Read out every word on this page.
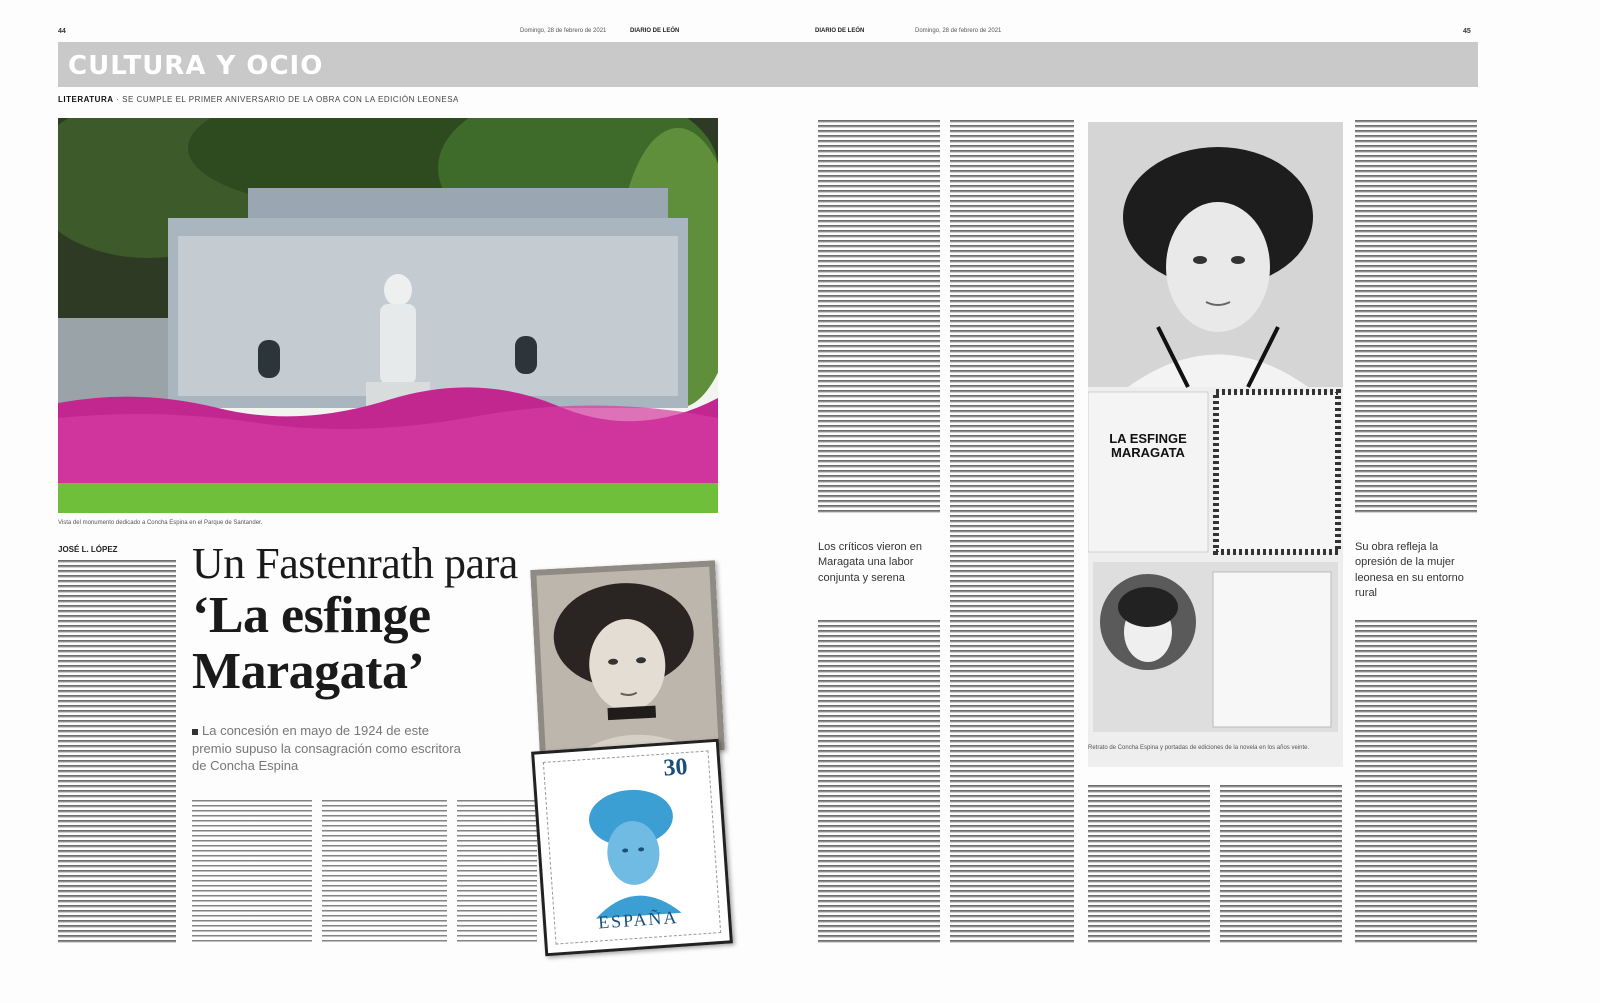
44	Domingo, 28 de febrero de 2021	DIARIO DE LEÓN	DIARIO DE LEÓN	Domingo, 28 de febrero de 2021	45
CULTURA Y OCIO
LITERATURA · SE CUMPLE EL PRIMER ANIVERSARIO DE LA OBRA CON LA EDICIÓN LEONESA
Vista del monumento dedicado a Concha Espina en el Parque de Santander.
JOSÉ L. LÓPEZ Un Fastenrath para
‘La esfinge
Maragata’
La concesión en mayo de 1924 de este premio supuso la consagración como escritora de Concha Espina	30
ESPAÑA
Los críticos vieron en Maragata una labor conjunta y serena
LA ESFINGE MARAGATA
Retrato de Concha Espina y portadas de ediciones de la novela en los años veinte.
Su obra refleja la opresión de la mujer leonesa en su entorno rural
